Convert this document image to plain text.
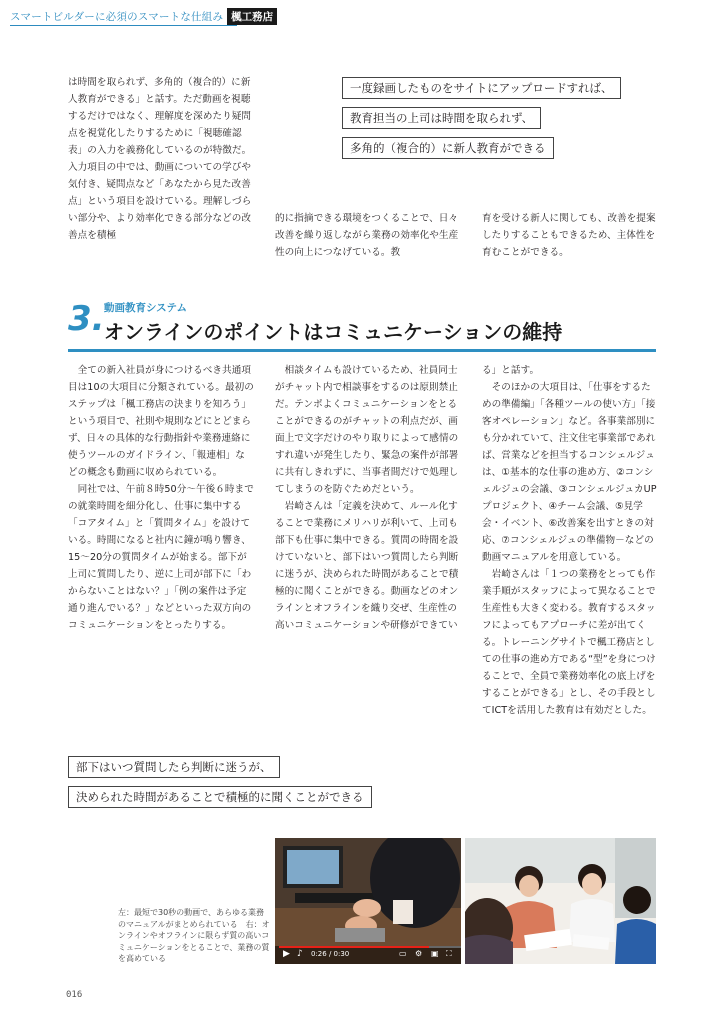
スマートビルダーに必須のスマートな仕組み 楓工務店

は時間を取られず、多角的（複合的）に新人教育ができる」と話す。ただ動画を視聴するだけではなく、理解度を深めたり疑問点を視覚化したりするために「視聴確認表」の入力を義務化しているのが特徴だ。入力項目の中では、動画についての学びや気付き、疑問点など「あなたから見た改善点」という項目を設けている。理解しづらい部分や、より効率化できる部分などの改善点を積極

的に指摘できる環境をつくることで、日々改善を繰り返しながら業務の効率化や生産性の向上につなげている。教

育を受ける新人に関しても、改善を提案したりすることもできるため、主体性を育むことができる。

一度録画したものをサイトにアップロードすれば、
教育担当の上司は時間を取られず、
多角的（複合的）に新人教育ができる
3. 動画教育システム
オンラインのポイントはコミュニケーションの維持

全ての新入社員が身につけるべき共通項目は10の大項目に分類されている。最初のステップは「楓工務店の決まりを知ろう」という項目で、社則や規則などにとどまらず、日々の具体的な行動指針や業務連絡に使うツールのガイドライン、「報連相」などの概念も動画に収められている。

同社では、午前８時50分〜午後６時までの就業時間を細分化し、仕事に集中する「コアタイム」と「質問タイム」を設けている。時間になると社内に鐘が鳴り響き、15〜20分の質問タイムが始まる。部下が上司に質問したり、逆に上司が部下に「わからないことはない？」「例の案件は予定通り進んでいる？」などといった双方向のコミュニケーションをとったりする。

相談タイムも設けているため、社員同士がチャット内で相談事をするのは原則禁止だ。テンポよくコミュニケーションをとることができるのがチャットの利点だが、画面上で文字だけのやり取りによって感情のすれ違いが発生したり、緊急の案件が部署に共有しきれずに、当事者間だけで処理してしまうのを防ぐためだという。

岩崎さんは「定義を決めて、ルール化することで業務にメリハリが利いて、上司も部下も仕事に集中できる。質問の時間を設けていないと、部下はいつ質問したら判断に迷うが、決められた時間があることで積極的に聞くことができる。動画などのオンラインとオフラインを織り交ぜ、生産性の高いコミュニケーションや研修ができてい

る」と話す。

そのほかの大項目は、「仕事をするための準備編」「各種ツールの使い方」「接客オペレーション」など。各事業部別にも分かれていて、注文住宅事業部であれば、営業などを担当するコンシェルジュは、①基本的な仕事の進め方、②コンシェルジュの会議、③コンシェルジュカUPプロジェクト、④チーム会議、⑤見学会・イベント、⑥改善案を出すときの対応、⑦コンシェルジュの準備物－などの動画マニュアルを用意している。

岩崎さんは「１つの業務をとっても作業手順がスタッフによって異なることで生産性も大きく変わる。教育するスタッフによってもアプローチに差が出てくる。トレーニングサイトで楓工務店としての仕事の進め方である“型”を身につけることで、全員で業務効率化の底上げをすることができる」とし、その手段としてICTを活用した教育は有効だとした。

部下はいつ質問したら判断に迷うが、
決められた時間があることで積極的に聞くことができる
左：最短で30秒の動画で、あらゆる業務のマニュアルがまとめられている　右：オンラインやオフラインに限らず質の高いコミュニケーションをとることで、業務の質を高めている	▶ ♪ 0:26 / 0:30	▭ ⚙ ▣ ⛶
016
